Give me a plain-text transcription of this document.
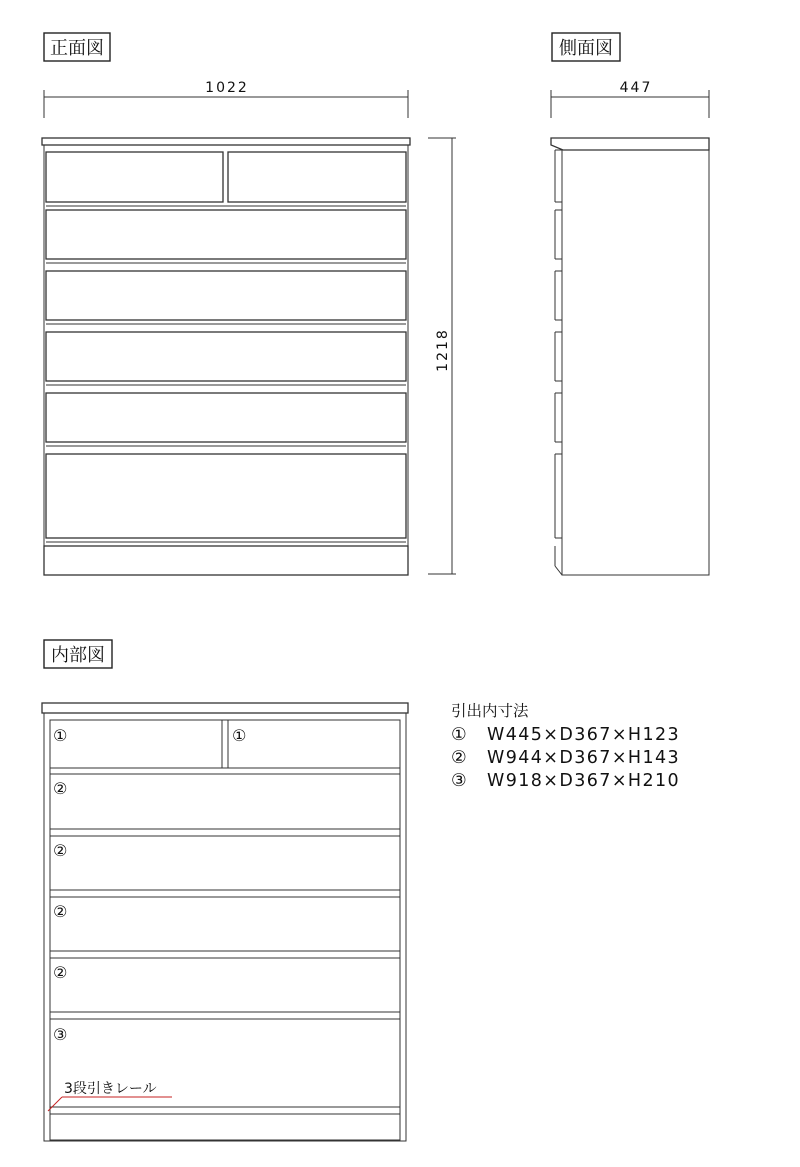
正面図
1022
1218
側面図
447
内部図
①	①
②
②
②
②
③
3段引きレール
引出内寸法
① W445×D367×H123
② W944×D367×H143
③ W918×D367×H210
